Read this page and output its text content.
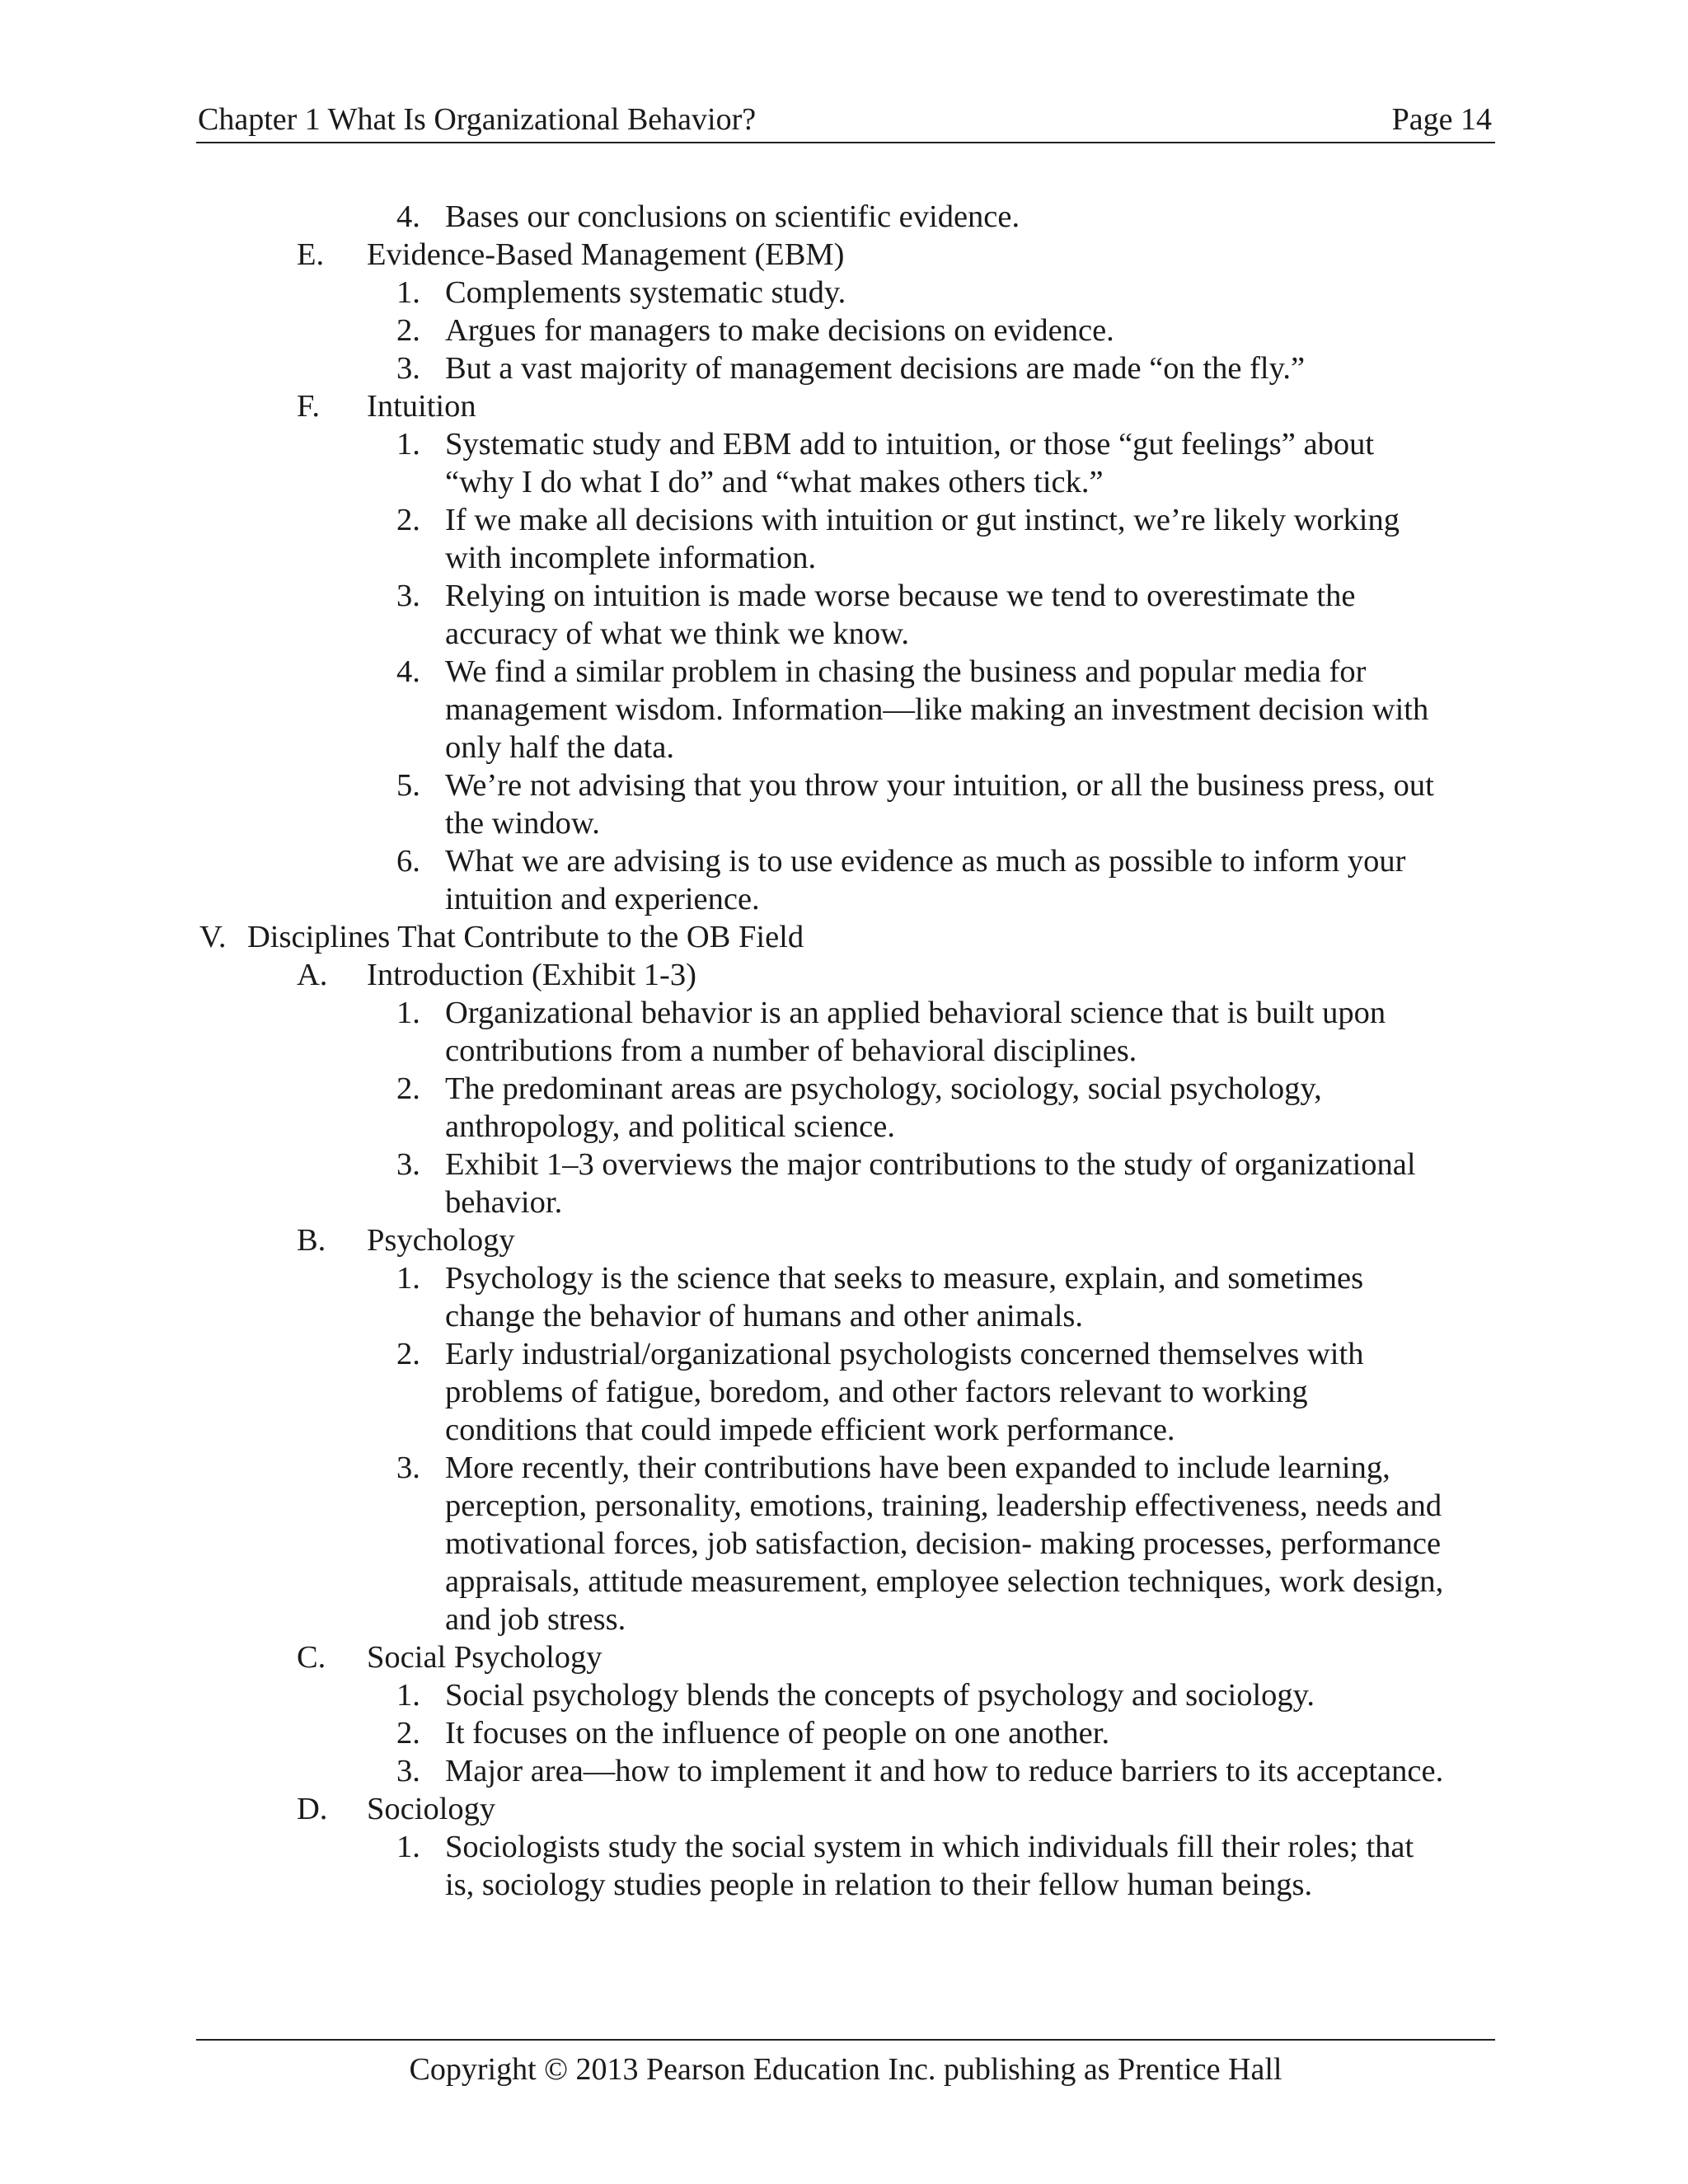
Chapter 1 What Is Organizational Behavior?	Page 14
4. Bases our conclusions on scientific evidence.
E. Evidence-Based Management (EBM)
1. Complements systematic study.
2. Argues for managers to make decisions on evidence.
3. But a vast majority of management decisions are made “on the fly.”
F. Intuition
1. Systematic study and EBM add to intuition, or those “gut feelings” about
“why I do what I do” and “what makes others tick.”
2. If we make all decisions with intuition or gut instinct, we’re likely working
with incomplete information.
3. Relying on intuition is made worse because we tend to overestimate the
accuracy of what we think we know.
4. We find a similar problem in chasing the business and popular media for
management wisdom. Information—like making an investment decision with
only half the data.
5. We’re not advising that you throw your intuition, or all the business press, out
the window.
6. What we are advising is to use evidence as much as possible to inform your
intuition and experience.
V. Disciplines That Contribute to the OB Field
A. Introduction (Exhibit 1-3)
1. Organizational behavior is an applied behavioral science that is built upon
contributions from a number of behavioral disciplines.
2. The predominant areas are psychology, sociology, social psychology,
anthropology, and political science.
3. Exhibit 1–3 overviews the major contributions to the study of organizational
behavior.
B. Psychology
1. Psychology is the science that seeks to measure, explain, and sometimes
change the behavior of humans and other animals.
2. Early industrial/organizational psychologists concerned themselves with
problems of fatigue, boredom, and other factors relevant to working
conditions that could impede efficient work performance.
3. More recently, their contributions have been expanded to include learning,
perception, personality, emotions, training, leadership effectiveness, needs and
motivational forces, job satisfaction, decision- making processes, performance
appraisals, attitude measurement, employee selection techniques, work design,
and job stress.
C. Social Psychology
1. Social psychology blends the concepts of psychology and sociology.
2. It focuses on the influence of people on one another.
3. Major area—how to implement it and how to reduce barriers to its acceptance.
D. Sociology
1. Sociologists study the social system in which individuals fill their roles; that
is, sociology studies people in relation to their fellow human beings.
Copyright © 2013 Pearson Education Inc. publishing as Prentice Hall
